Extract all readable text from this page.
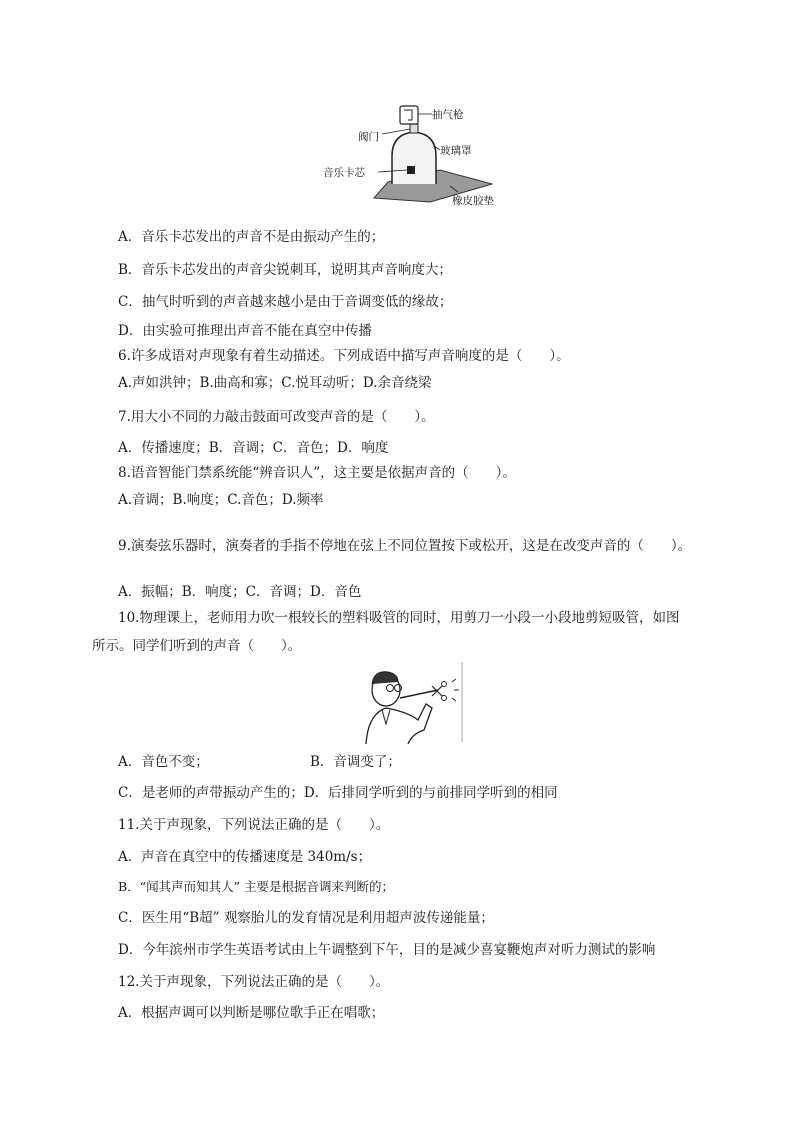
抽气枪
阀门
玻璃罩
音乐卡芯
橡皮胶垫
A．音乐卡芯发出的声音不是由振动产生的；
B．音乐卡芯发出的声音尖锐刺耳，说明其声音响度大；
C．抽气时听到的声音越来越小是由于音调变低的缘故；
D．由实验可推理出声音不能在真空中传播
6.许多成语对声现象有着生动描述。下列成语中描写声音响度的是（　　）。
A.声如洪钟；B.曲高和寡；C.悦耳动听；D.余音绕梁
7.用大小不同的力敲击鼓面可改变声音的是（　　）。
A．传播速度；B．音调；C．音色；D．响度
8.语音智能门禁系统能“辨音识人”，这主要是依据声音的（　　）。
A.音调；B.响度；C.音色；D.频率
9.演奏弦乐器时，演奏者的手指不停地在弦上不同位置按下或松开，这是在改变声音的（　　）。
A．振幅；B．响度；C．音调；D．音色
10.物理课上，老师用力吹一根较长的塑料吸管的同时，用剪刀一小段一小段地剪短吸管，如图
所示。同学们听到的声音（　　）。
A．音色不变；	B．音调变了；
C．是老师的声带振动产生的；D．后排同学听到的与前排同学听到的相同
11.关于声现象，下列说法正确的是（　　）。
A．声音在真空中的传播速度是 340m/s；
B．“闻其声而知其人” 主要是根据音调来判断的；
C．医生用“B超” 观察胎儿的发育情况是利用超声波传递能量；
D．今年滨州市学生英语考试由上午调整到下午，目的是减少喜宴鞭炮声对听力测试的影响
12.关于声现象，下列说法正确的是（　　）。
A．根据声调可以判断是哪位歌手正在唱歌；
